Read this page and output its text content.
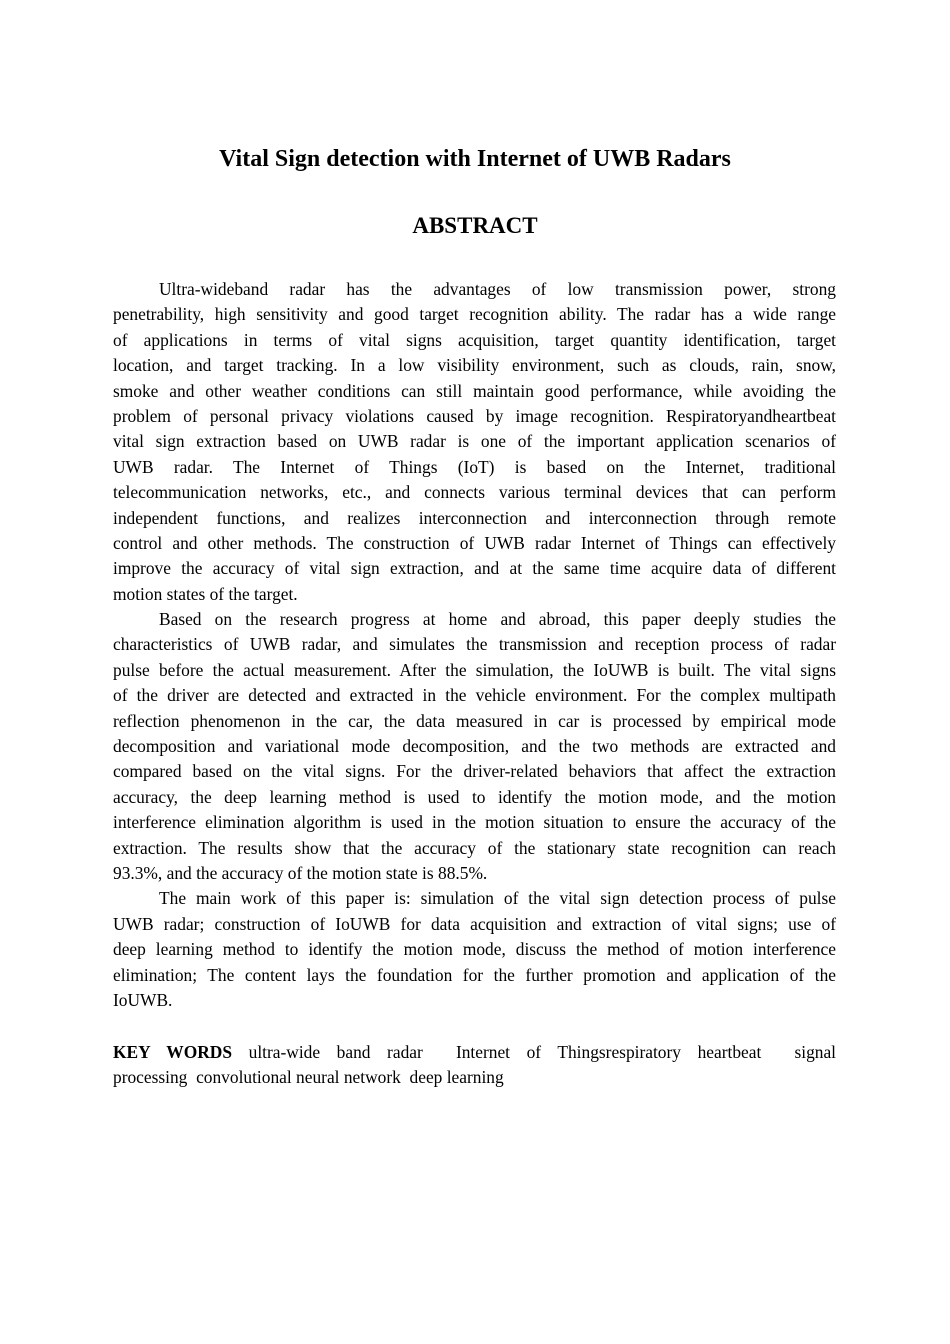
Vital Sign detection with Internet of UWB Radars
ABSTRACT
Ultra-wideband radar has the advantages of low transmission power, strong
penetrability, high sensitivity and good target recognition ability. The radar has a wide range
of applications in terms of vital signs acquisition, target quantity identification, target
location, and target tracking. In a low visibility environment, such as clouds, rain, snow,
smoke and other weather conditions can still maintain good performance, while avoiding the
problem of personal privacy violations caused by image recognition. Respiratoryandheartbeat
vital sign extraction based on UWB radar is one of the important application scenarios of
UWB radar. The Internet of Things (IoT) is based on the Internet, traditional
telecommunication networks, etc., and connects various terminal devices that can perform
independent functions, and realizes interconnection and interconnection through remote
control and other methods. The construction of UWB radar Internet of Things can effectively
improve the accuracy of vital sign extraction, and at the same time acquire data of different
motion states of the target.
Based on the research progress at home and abroad, this paper deeply studies the
characteristics of UWB radar, and simulates the transmission and reception process of radar
pulse before the actual measurement. After the simulation, the IoUWB is built. The vital signs
of the driver are detected and extracted in the vehicle environment. For the complex multipath
reflection phenomenon in the car, the data measured in car is processed by empirical mode
decomposition and variational mode decomposition, and the two methods are extracted and
compared based on the vital signs. For the driver-related behaviors that affect the extraction
accuracy, the deep learning method is used to identify the motion mode, and the motion
interference elimination algorithm is used in the motion situation to ensure the accuracy of the
extraction. The results show that the accuracy of the stationary state recognition can reach
93.3%, and the accuracy of the motion state is 88.5%.
The main work of this paper is: simulation of the vital sign detection process of pulse
UWB radar; construction of IoUWB for data acquisition and extraction of vital signs; use of
deep learning method to identify the motion mode, discuss the method of motion interference
elimination; The content lays the foundation for the further promotion and application of the
IoUWB.
KEY WORDS ultra-wide band radar  Internet of Thingsrespiratory heartbeat  signal
processing  convolutional neural network  deep learning
